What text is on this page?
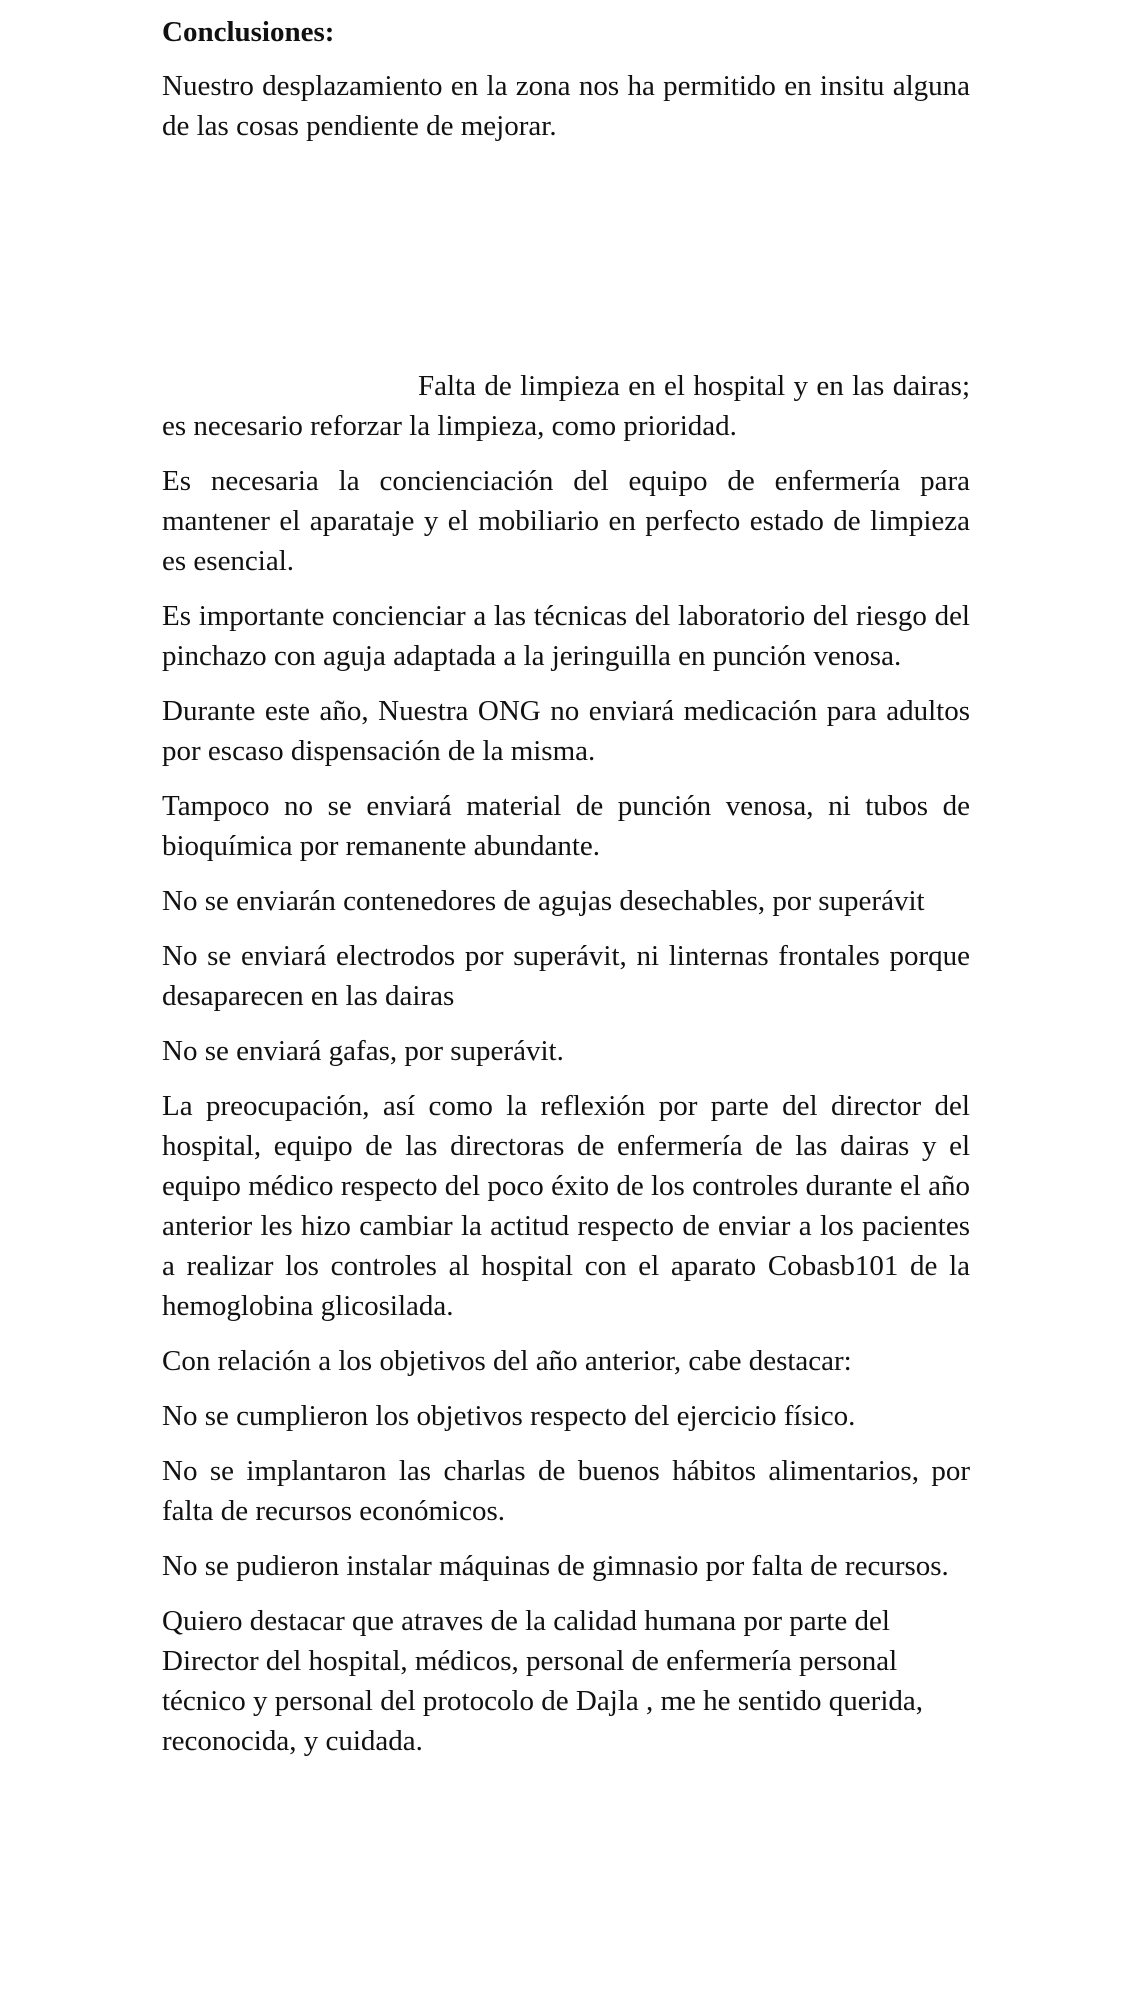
Conclusiones:

Nuestro desplazamiento en la zona nos ha permitido en insitu alguna de las cosas pendiente de mejorar.

Falta de limpieza en el hospital y en las dairas; es necesario reforzar la limpieza, como prioridad.

Es necesaria la concienciación del equipo de enfermería para mantener el aparataje y el mobiliario en perfecto estado de limpieza es esencial.

Es importante concienciar a las técnicas del laboratorio del riesgo del pinchazo con aguja adaptada a la jeringuilla en punción venosa.

Durante este año, Nuestra ONG no enviará medicación para adultos por escaso dispensación de la misma.

Tampoco no se enviará material de punción venosa, ni tubos de bioquímica por remanente abundante.

No se enviarán contenedores de agujas desechables, por superávit

No se enviará electrodos por superávit, ni linternas frontales porque desaparecen en las dairas

No se enviará gafas, por superávit.

La preocupación, así como la reflexión por parte del director del hospital, equipo de las directoras de enfermería de las dairas y el equipo médico respecto del poco éxito de los controles durante el año anterior les hizo cambiar la actitud respecto de enviar a los pacientes a realizar los controles al hospital con el aparato Cobasb101 de la hemoglobina glicosilada.

Con relación a los objetivos del año anterior, cabe destacar:

No se cumplieron los objetivos respecto del ejercicio físico.

No se implantaron las charlas de buenos hábitos alimentarios, por falta de recursos económicos.

No se pudieron instalar máquinas de gimnasio por falta de recursos.

Quiero destacar que atraves de la calidad humana por parte del Director del hospital, médicos, personal de enfermería personal técnico y personal del protocolo de Dajla , me he sentido querida, reconocida, y cuidada.
